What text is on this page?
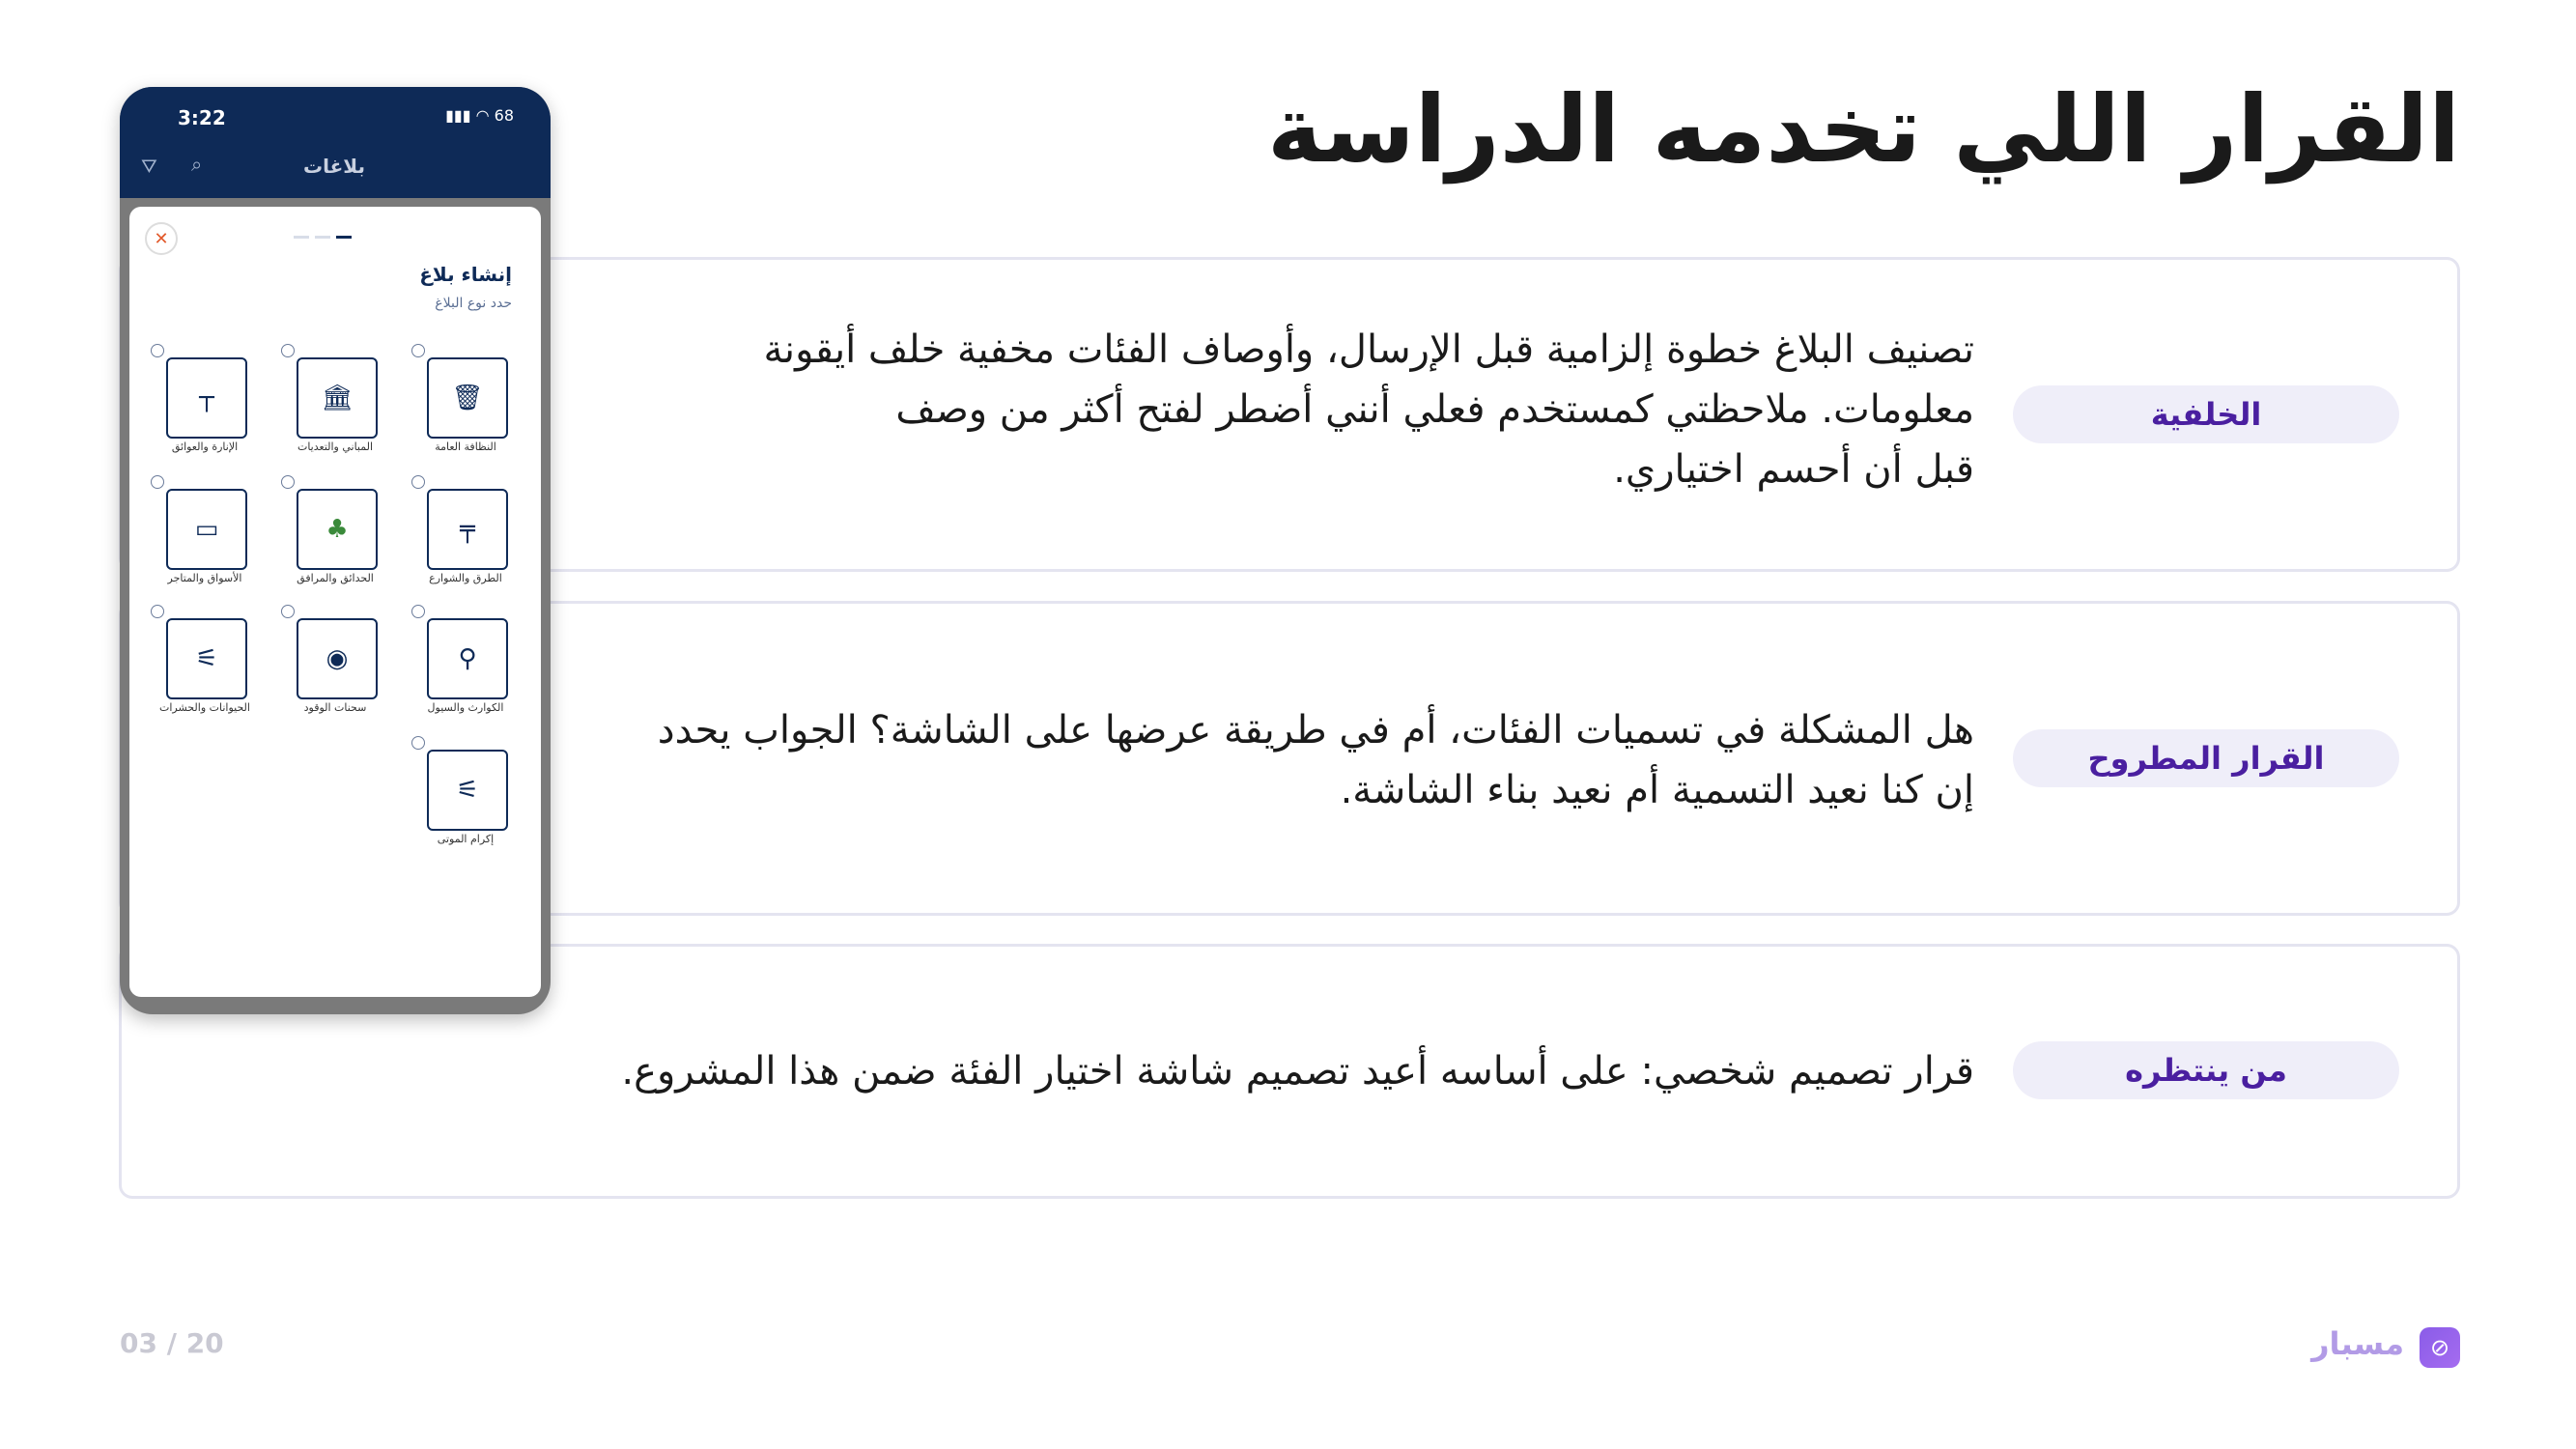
القرار اللي تخدمه الدراسة
الخلفية
تصنيف البلاغ خطوة إلزامية قبل الإرسال، وأوصاف الفئات مخفية خلف أيقونة
معلومات. ملاحظتي كمستخدم فعلي أنني أضطر لفتح أكثر من وصف
قبل أن أحسم اختياري.
القرار المطروح
هل المشكلة في تسميات الفئات، أم في طريقة عرضها على الشاشة؟ الجواب يحدد
إن كنا نعيد التسمية أم نعيد بناء الشاشة.
من ينتظره
قرار تصميم شخصي: على أساسه أعيد تصميم شاشة اختيار الفئة ضمن هذا المشروع.
3:22	▮▮▮ ◠ 68
⛛ ⌕	بلاغات
✕
إنشاء بلاغ
حدد نوع البلاغ
🗑
النظافة العامة
🏛
المباني والتعديات
┬
الإنارة والعوائق
╤
الطرق والشوارع
♣
الحدائق والمرافق
▭
الأسواق والمتاجر
⚲
الكوارث والسيول
◉
سحنات الوقود
⚟
الحيوانات والحشرات
⚟
إكرام الموتى
03 / 20	⊘
مسبار
